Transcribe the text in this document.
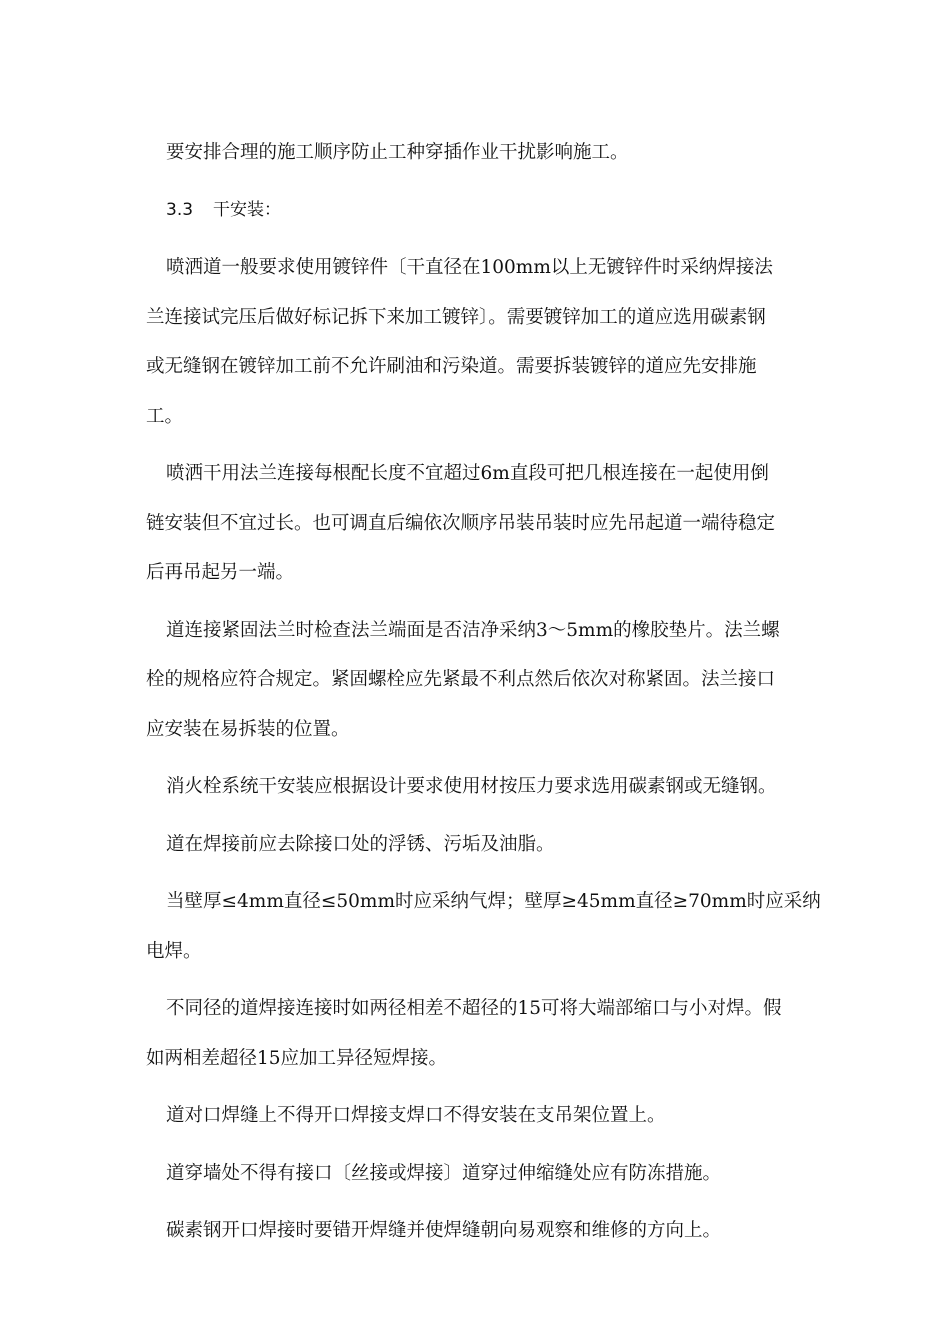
要安排合理的施工顺序防止工种穿插作业干扰影响施工。

3.3 干安装：

喷洒道一般要求使用镀锌件〔干直径在100mm以上无镀锌件时采纳焊接法
兰连接试完压后做好标记拆下来加工镀锌〕。需要镀锌加工的道应选用碳素钢
或无缝钢在镀锌加工前不允许刷油和污染道。需要拆装镀锌的道应先安排施
工。

喷洒干用法兰连接每根配长度不宜超过6m直段可把几根连接在一起使用倒
链安装但不宜过长。也可调直后编依次顺序吊装吊装时应先吊起道一端待稳定
后再吊起另一端。

道连接紧固法兰时检查法兰端面是否洁净采纳3～5mm的橡胶垫片。法兰螺
栓的规格应符合规定。紧固螺栓应先紧最不利点然后依次对称紧固。法兰接口
应安装在易拆装的位置。

消火栓系统干安装应根据设计要求使用材按压力要求选用碳素钢或无缝钢。

道在焊接前应去除接口处的浮锈、污垢及油脂。

当壁厚≤4mm直径≤50mm时应采纳气焊；壁厚≥45mm直径≥70mm时应采纳
电焊。

不同径的道焊接连接时如两径相差不超径的15可将大端部缩口与小对焊。假
如两相差超径15应加工异径短焊接。

道对口焊缝上不得开口焊接支焊口不得安装在支吊架位置上。

道穿墙处不得有接口〔丝接或焊接〕道穿过伸缩缝处应有防冻措施。

碳素钢开口焊接时要错开焊缝并使焊缝朝向易观察和维修的方向上。
